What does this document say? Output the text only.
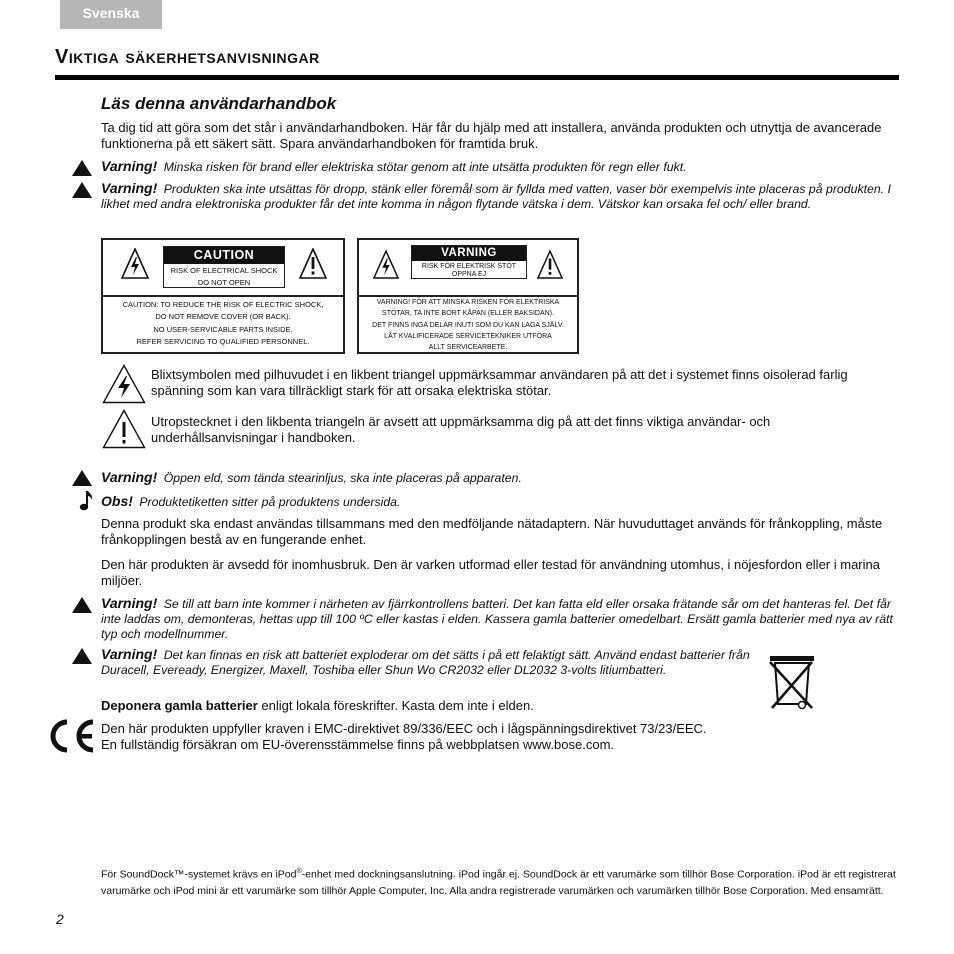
Svenska
Viktiga säkerhetsanvisningar
Läs denna användarhandbok

Ta dig tid att göra som det står i användarhandboken. Här får du hjälp med att installera, använda produkten och utnyttja de avancerade funktionerna på ett säkert sätt. Spara användarhandboken för framtida bruk.

Varning! Minska risken för brand eller elektriska stötar genom att inte utsätta produkten för regn eller fukt.

Varning! Produkten ska inte utsättas för dropp, stänk eller föremål som är fyllda med vatten, vaser bör exempelvis inte placeras på produkten. I likhet med andra elektroniska produkter får det inte komma in någon flytande vätska i dem. Vätskor kan orsaka fel och/ eller brand.

CAUTION
RISK OF ELECTRICAL SHOCK
DO NOT OPEN
CAUTION: TO REDUCE THE RISK OF ELECTRIC SHOCK,
DO NOT REMOVE COVER (OR BACK).
NO USER-SERVICABLE PARTS INSIDE.
REFER SERVICING TO QUALIFIED PERSONNEL.
VARNING
RISK FÖR ELEKTRISK STÖT
ÖPPNA EJ
VARNING! FÖR ATT MINSKA RISKEN FÖR ELEKTRISKA
STÖTAR, TA INTE BORT KÅPAN (ELLER BAKSIDAN).
DET FINNS INGA DELAR INUTI SOM DU KAN LAGA SJÄLV.
LÅT KVALIFICERADE SERVICETEKNIKER UTFÖRA
ALLT SERVICEARBETE.

Blixtsymbolen med pilhuvudet i en likbent triangel uppmärksammar användaren på att det i systemet finns oisolerad farlig spänning som kan vara tillräckligt stark för att orsaka elektriska stötar.

Utropstecknet i den likbenta triangeln är avsett att uppmärksamma dig på att det finns viktiga användar- och underhållsanvisningar i handboken.

Varning! Öppen eld, som tända stearinljus, ska inte placeras på apparaten.

Obs! Produktetiketten sitter på produktens undersida.

Denna produkt ska endast användas tillsammans med den medföljande nätadaptern. När huvuduttaget används för frånkoppling, måste frånkopplingen bestå av en fungerande enhet.

Den här produkten är avsedd för inomhusbruk. Den är varken utformad eller testad för användning utomhus, i nöjesfordon eller i marina miljöer.

Varning! Se till att barn inte kommer i närheten av fjärrkontrollens batteri. Det kan fatta eld eller orsaka frätande sår om det hanteras fel. Det får inte laddas om, demonteras, hettas upp till 100 ºC eller kastas i elden. Kassera gamla batterier omedelbart. Ersätt gamla batterier med nya av rätt typ och modellnummer.

Varning! Det kan finnas en risk att batteriet exploderar om det sätts i på ett felaktigt sätt. Använd endast batterier från Duracell, Eveready, Energizer, Maxell, Toshiba eller Shun Wo CR2032 eller DL2032 3-volts litiumbatteri.

Deponera gamla batterier enligt lokala föreskrifter. Kasta dem inte i elden.

Den här produkten uppfyller kraven i EMC-direktivet 89/336/EEC och i lågspänningsdirektivet 73/23/EEC.

En fullständig försäkran om EU-överensstämmelse finns på webbplatsen www.bose.com.

För SoundDock™-systemet krävs en iPod®-enhet med dockningsanslutning. iPod ingår ej. SoundDock är ett varumärke som tillhör Bose Corporation. iPod är ett registrerat varumärke och iPod mini är ett varumärke som tillhör Apple Computer, Inc. Alla andra registrerade varumärken och varumärken tillhör Bose Corporation. Med ensamrätt.

2
